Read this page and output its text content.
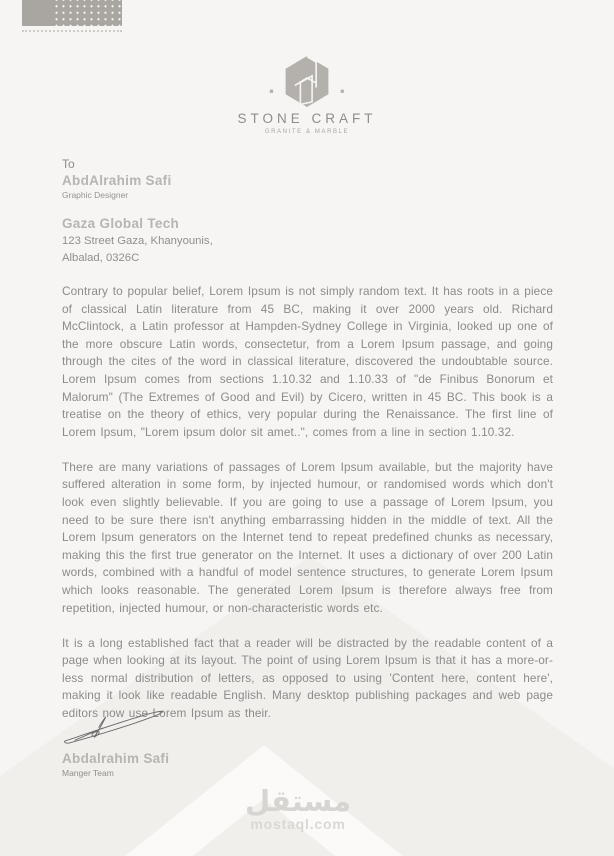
STONE CRAFT
GRANITE & MARBLE
To
AbdAlrahim Safi
Graphic Designer
Gaza Global Tech
123 Street Gaza, Khanyounis,
Albalad, 0326C

Contrary to popular belief, Lorem Ipsum is not simply random text. It has roots in a piece of classical Latin literature from 45 BC, making it over 2000 years old. Richard McClintock, a Latin professor at Hampden-Sydney College in Virginia, looked up one of the more obscure Latin words, consectetur, from a Lorem Ipsum passage, and going through the cites of the word in classical literature, discovered the undoubtable source. Lorem Ipsum comes from sections 1.10.32 and 1.10.33 of "de Finibus Bonorum et Malorum" (The Extremes of Good and Evil) by Cicero, written in 45 BC. This book is a treatise on the theory of ethics, very popular during the Renaissance. The first line of Lorem Ipsum, "Lorem ipsum dolor sit amet..", comes from a line in section 1.10.32.

There are many variations of passages of Lorem Ipsum available, but the majority have suffered alteration in some form, by injected humour, or randomised words which don't look even slightly believable. If you are going to use a passage of Lorem Ipsum, you need to be sure there isn't anything embarrassing hidden in the middle of text. All the Lorem Ipsum generators on the Internet tend to repeat predefined chunks as necessary, making this the first true generator on the Internet. It uses a dictionary of over 200 Latin words, combined with a handful of model sentence structures, to generate Lorem Ipsum which looks reasonable. The generated Lorem Ipsum is therefore always free from repetition, injected humour, or non-characteristic words etc.

It is a long established fact that a reader will be distracted by the readable content of a page when looking at its layout. The point of using Lorem Ipsum is that it has a more-or-less normal distribution of letters, as opposed to using 'Content here, content here', making it look like readable English. Many desktop publishing packages and web page editors now use Lorem Ipsum as their.

Abdalrahim Safi
Manger Team
مستقل
mostaql.com
